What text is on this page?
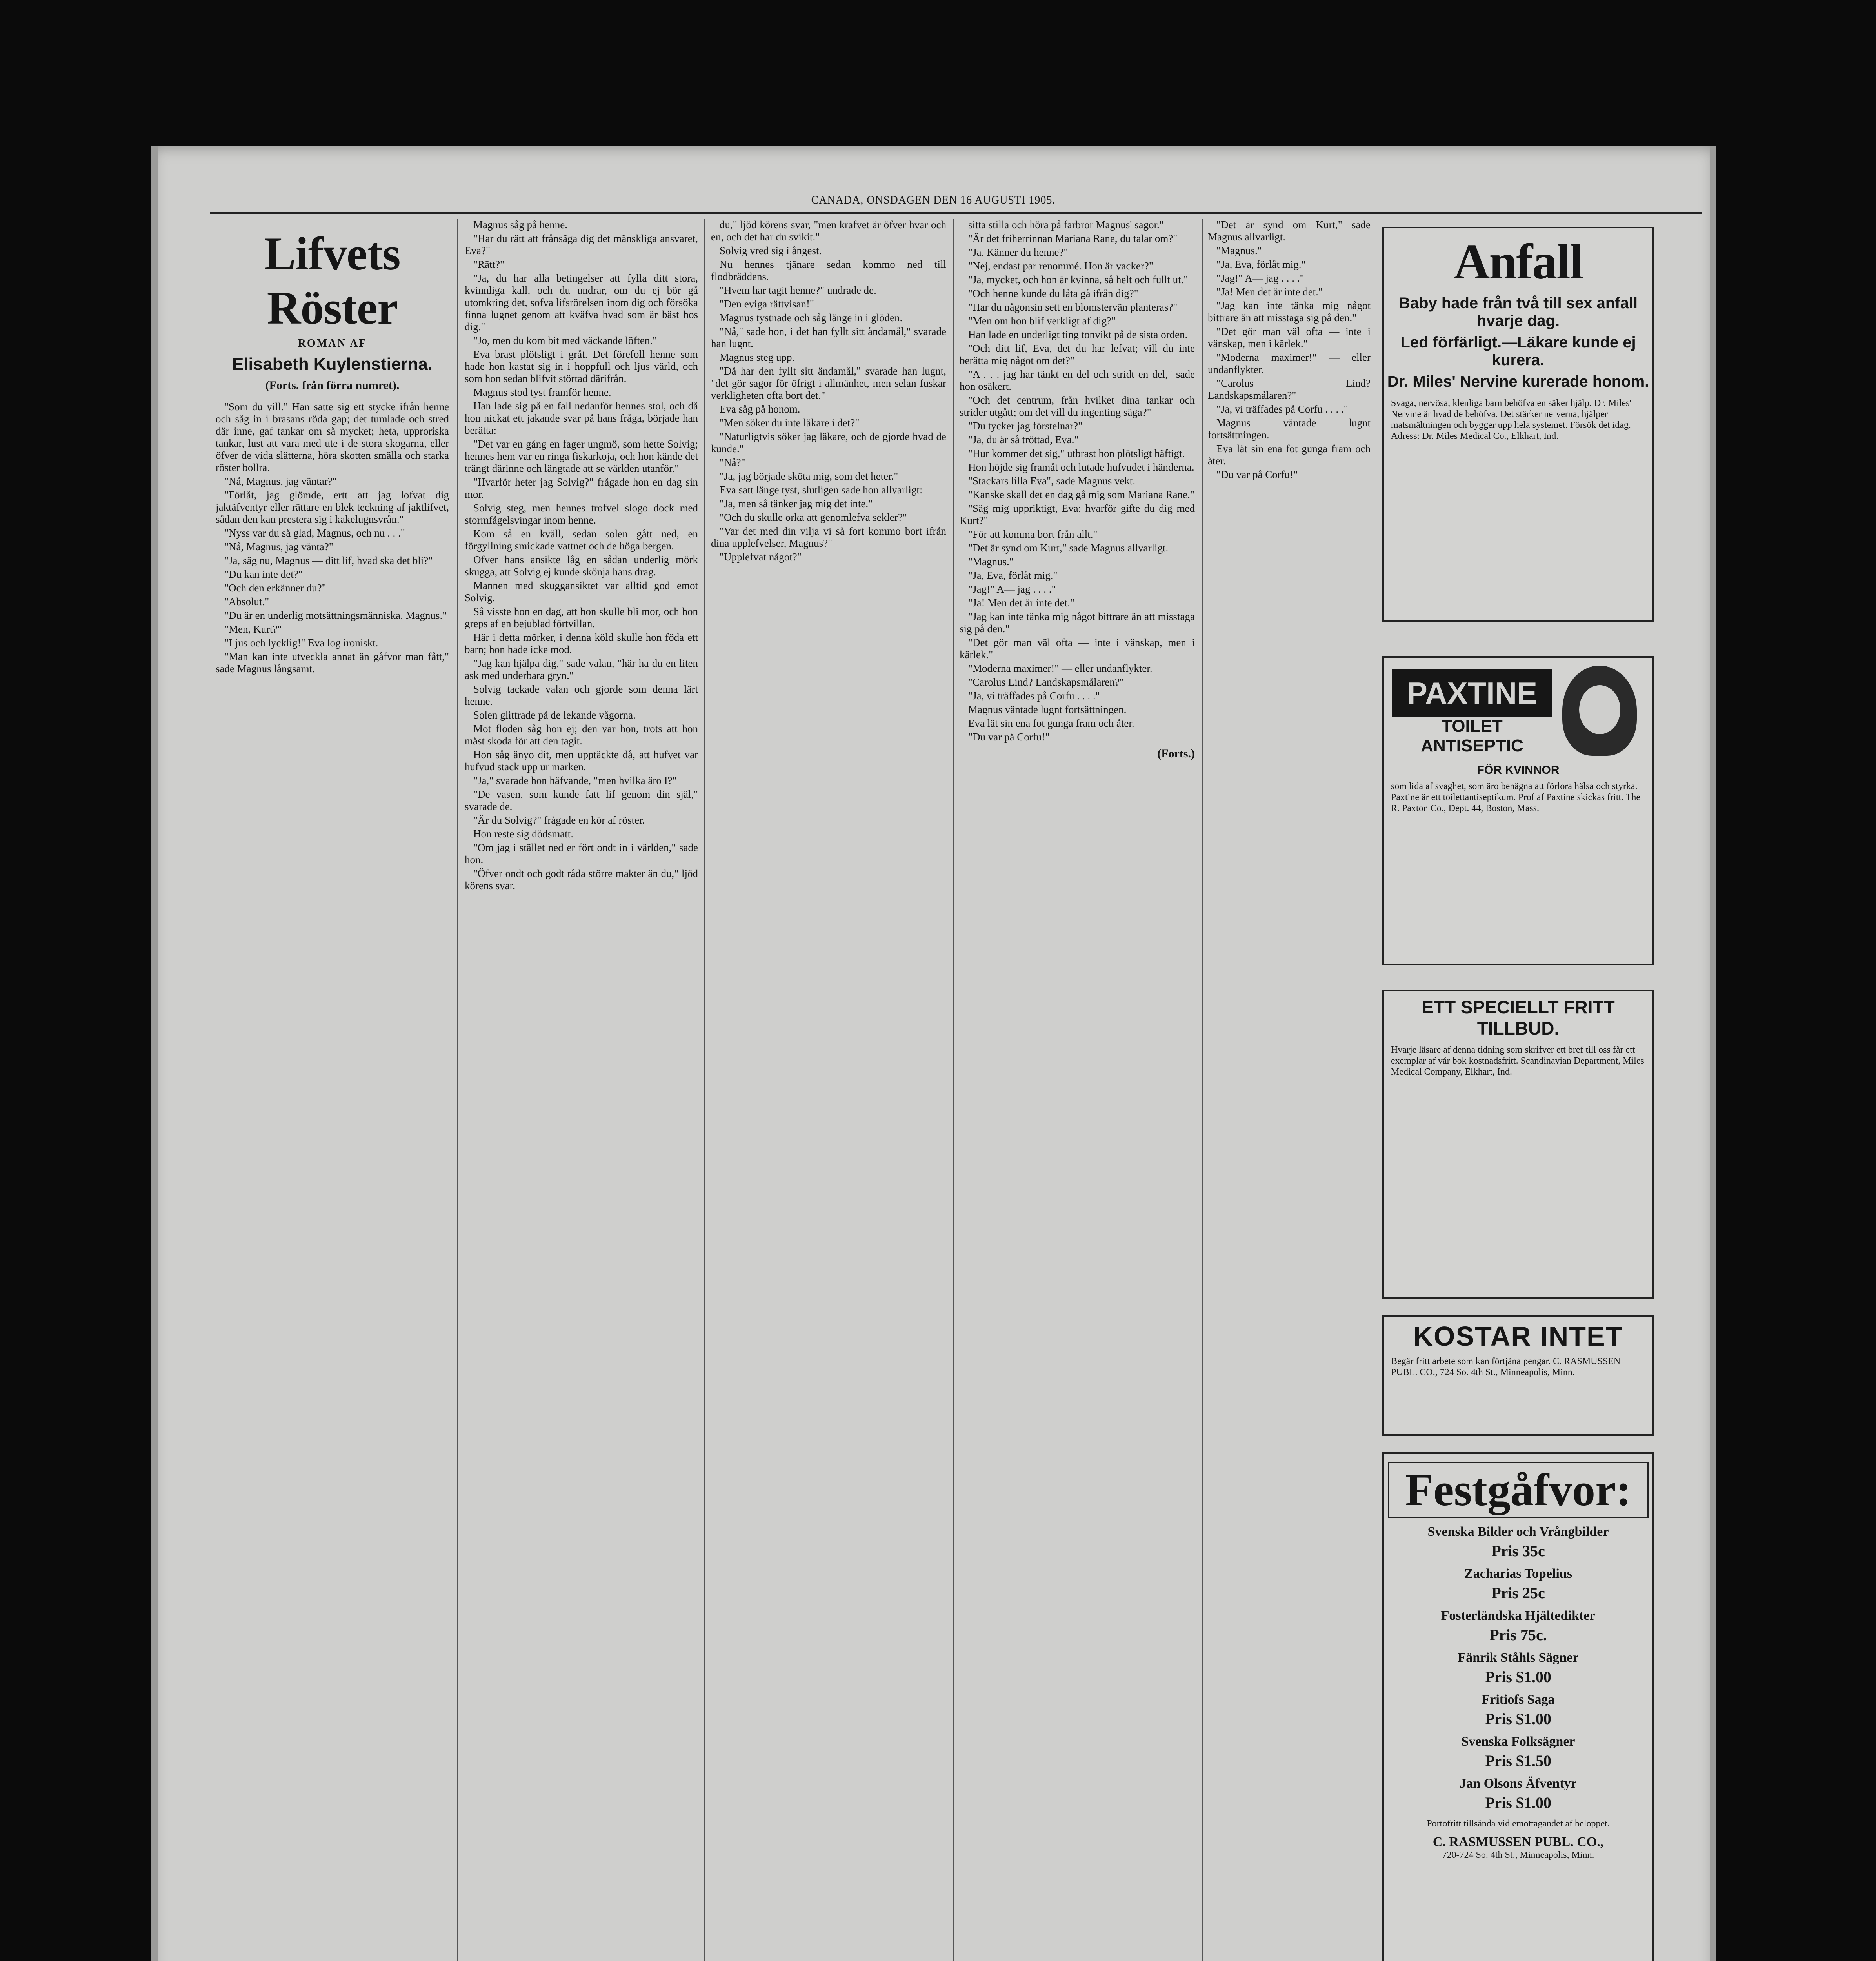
CANADA, ONSDAGEN DEN 16 AUGUSTI 1905.
Lifvets Röster
ROMAN AF
Elisabeth Kuylenstierna.
(Forts. från förra numret).

"Som du vill." Han satte sig ett stycke ifrån henne och såg in i brasans röda gap; det tumlade och stred där inne, gaf tankar om så mycket; heta, upproriska tankar, lust att vara med ute i de stora skogarna, eller öfver de vida slätterna, höra skotten smälla och starka röster bollra.

"Nå, Magnus, jag väntar?"

"Förlåt, jag glömde, ertt att jag lofvat dig jaktäfventyr eller rättare en blek teckning af jaktlifvet, sådan den kan prestera sig i kakelugnsvrån."

"Nyss var du så glad, Magnus, och nu . . ."

"Nå, Magnus, jag vänta?"

"Ja, säg nu, Magnus — ditt lif, hvad ska det bli?"

"Du kan inte det?"

"Och den erkänner du?"

"Absolut."

"Du är en underlig motsättningsmänniska, Magnus."

"Men, Kurt?"

"Ljus och lycklig!" Eva log ironiskt.

"Man kan inte utveckla annat än gåfvor man fått," sade Magnus långsamt.

Magnus såg på henne.

"Har du rätt att frånsäga dig det mänskliga ansvaret, Eva?"

"Rätt?"

"Ja, du har alla betingelser att fylla ditt stora, kvinnliga kall, och du undrar, om du ej bör gå utomkring det, sofva lifsrörelsen inom dig och försöka finna lugnet genom att kväfva hvad som är bäst hos dig."

"Jo, men du kom bit med väckande löften."

Eva brast plötsligt i gråt. Det förefoll henne som hade hon kastat sig in i hoppfull och ljus värld, och som hon sedan blifvit störtad därifrån.

Magnus stod tyst framför henne.

Han lade sig på en fall nedanför hennes stol, och då hon nickat ett jakande svar på hans fråga, började han berätta:

"Det var en gång en fager ungmö, som hette Solvig; hennes hem var en ringa fiskarkoja, och hon kände det trängt därinne och längtade att se världen utanför."

"Hvarför heter jag Solvig?" frågade hon en dag sin mor.

Solvig steg, men hennes trofvel slogo dock med stormfågelsvingar inom henne.

Kom så en kväll, sedan solen gått ned, en förgyllning smickade vattnet och de höga bergen.

Öfver hans ansikte låg en sådan underlig mörk skugga, att Solvig ej kunde skönja hans drag.

Mannen med skuggansiktet var alltid god emot Solvig.

Så visste hon en dag, att hon skulle bli mor, och hon greps af en bejublad förtvillan.

Här i detta mörker, i denna köld skulle hon föda ett barn; hon hade icke mod.

"Jag kan hjälpa dig," sade valan, "här ha du en liten ask med underbara gryn."

Solvig tackade valan och gjorde som denna lärt henne.

Solen glittrade på de lekande vågorna.

Mot floden såg hon ej; den var hon, trots att hon måst skoda för att den tagit.

Hon såg änyo dit, men upptäckte då, att hufvet var hufvud stack upp ur marken.

"Ja," svarade hon häfvande, "men hvilka äro I?"

"De vasen, som kunde fatt lif genom din själ," svarade de.

"Är du Solvig?" frågade en kör af röster.

Hon reste sig dödsmatt.

"Om jag i stället ned er fört ondt in i världen," sade hon.

"Öfver ondt och godt råda större makter än du," ljöd körens svar.

du," ljöd körens svar, "men krafvet är öfver hvar och en, och det har du svikit."

Solvig vred sig i ångest.

Nu hennes tjänare sedan kommo ned till flodbräddens.

"Hvem har tagit henne?" undrade de.

"Den eviga rättvisan!"

Magnus tystnade och såg länge in i glöden.

"Nå," sade hon, i det han fyllt sitt åndamål," svarade han lugnt.

Magnus steg upp.

"Då har den fyllt sitt ändamål," svarade han lugnt, "det gör sagor för öfrigt i allmänhet, men selan fuskar verkligheten ofta bort det."

Eva såg på honom.

"Men söker du inte läkare i det?"

"Naturligtvis söker jag läkare, och de gjorde hvad de kunde."

"Nå?"

"Ja, jag började sköta mig, som det heter."

Eva satt länge tyst, slutligen sade hon allvarligt:

"Ja, men så tänker jag mig det inte."

"Och du skulle orka att genomlefva sekler?"

"Var det med din vilja vi så fort kommo bort ifrån dina upplefvelser, Magnus?"

"Upplefvat något?"

sitta stilla och höra på farbror Magnus' sagor."

"Är det friherrinnan Mariana Rane, du talar om?"

"Ja. Känner du henne?"

"Nej, endast par renommé. Hon är vacker?"

"Ja, mycket, och hon är kvinna, så helt och fullt ut."

"Och henne kunde du låta gå ifrån dig?"

"Har du någonsin sett en blomstervän planteras?"

"Men om hon blif verkligt af dig?"

Han lade en underligt ting tonvikt på de sista orden.

"Och ditt lif, Eva, det du har lefvat; vill du inte berätta mig något om det?"

"A . . . jag har tänkt en del och stridt en del," sade hon osäkert.

"Och det centrum, från hvilket dina tankar och strider utgått; om det vill du ingenting säga?"

"Du tycker jag förstelnar?"

"Ja, du är så tröttad, Eva."

"Hur kommer det sig," utbrast hon plötsligt häftigt.

Hon höjde sig framåt och lutade hufvudet i händerna.

"Stackars lilla Eva", sade Magnus vekt.

"Kanske skall det en dag gå mig som Mariana Rane."

"Säg mig uppriktigt, Eva: hvarför gifte du dig med Kurt?"

"För att komma bort från allt."

"Det är synd om Kurt," sade Magnus allvarligt.

"Magnus."

"Ja, Eva, förlåt mig."

"Jag!" A— jag . . . ."

"Ja! Men det är inte det."

"Jag kan inte tänka mig något bittrare än att misstaga sig på den."

"Det gör man väl ofta — inte i vänskap, men i kärlek."

"Moderna maximer!" — eller undanflykter.

"Carolus Lind? Landskapsmålaren?"

"Ja, vi träffades på Corfu . . . ."

Magnus väntade lugnt fortsättningen.

Eva lät sin ena fot gunga fram och åter.

"Du var på Corfu!"

(Forts.)

"Det är synd om Kurt," sade Magnus allvarligt.

"Magnus."

"Ja, Eva, förlåt mig."

"Jag!" A— jag . . . ."

"Ja! Men det är inte det."

"Jag kan inte tänka mig något bittrare än att misstaga sig på den."

"Det gör man väl ofta — inte i vänskap, men i kärlek."

"Moderna maximer!" — eller undanflykter.

"Carolus Lind? Landskapsmålaren?"

"Ja, vi träffades på Corfu . . . ."

Magnus väntade lugnt fortsättningen.

Eva lät sin ena fot gunga fram och åter.

"Du var på Corfu!"

Anfall
Baby hade från två till sex anfall hvarje dag.
Led förfärligt.—Läkare kunde ej kurera.
Dr. Miles' Nervine kurerade honom.
Svaga, nervösa, klenliga barn behöfva en säker hjälp. Dr. Miles' Nervine är hvad de behöfva. Det stärker nerverna, hjälper matsmältningen och bygger upp hela systemet. Försök det idag. Adress: Dr. Miles Medical Co., Elkhart, Ind.
PAXTINE
TOILET ANTISEPTIC
FÖR KVINNOR
som lida af svaghet, som äro benägna att förlora hälsa och styrka. Paxtine är ett toilettantiseptikum. Prof af Paxtine skickas fritt. The R. Paxton Co., Dept. 44, Boston, Mass.
ETT SPECIELLT FRITT TILLBUD.
Hvarje läsare af denna tidning som skrifver ett bref till oss får ett exemplar af vår bok kostnadsfritt. Scandinavian Department, Miles Medical Company, Elkhart, Ind.
KOSTAR INTET
Begär fritt arbete som kan förtjäna pengar. C. RASMUSSEN PUBL. CO., 724 So. 4th St., Minneapolis, Minn.
Festgåfvor:
Svenska Bilder och Vrångbilder
Pris 35c
Zacharias Topelius
Pris 25c
Fosterländska Hjältedikter
Pris 75c.
Fänrik Ståhls Sägner
Pris $1.00
Fritiofs Saga
Pris $1.00
Svenska Folksägner
Pris $1.50
Jan Olsons Äfventyr
Pris $1.00
Portofritt tillsända vid emottagandet af beloppet.
C. RASMUSSEN PUBL. CO.,
720-724 So. 4th St., Minneapolis, Minn.
